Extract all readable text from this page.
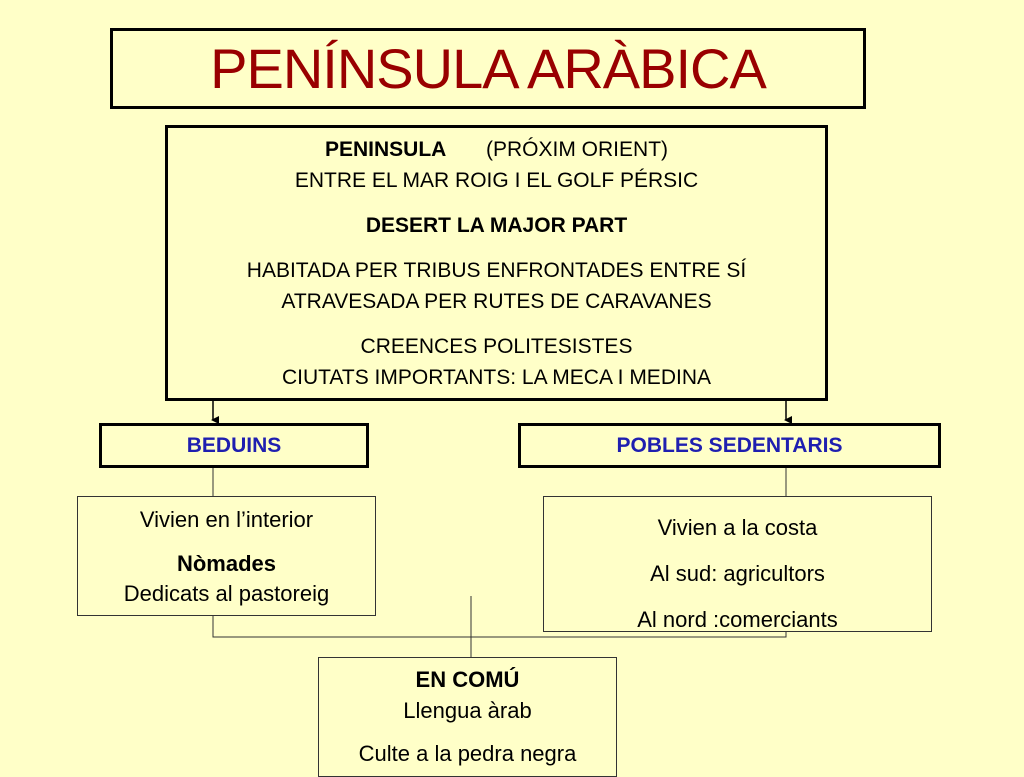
PENÍNSULA ARÀBICA

PENINSULA (PRÓXIM ORIENT)

ENTRE EL MAR ROIG I EL GOLF PÉRSIC

DESERT LA MAJOR PART

HABITADA PER TRIBUS ENFRONTADES ENTRE SÍ

ATRAVESADA PER RUTES DE CARAVANES

CREENCES POLITESISTES

CIUTATS IMPORTANTS: LA MECA I MEDINA

BEDUINS	POBLES SEDENTARIS

Vivien en l’interior

Nòmades

Dedicats al pastoreig

Vivien a la costa

Al sud: agricultors

Al nord :comerciants

EN COMÚ

Llengua àrab

Culte a la pedra negra
